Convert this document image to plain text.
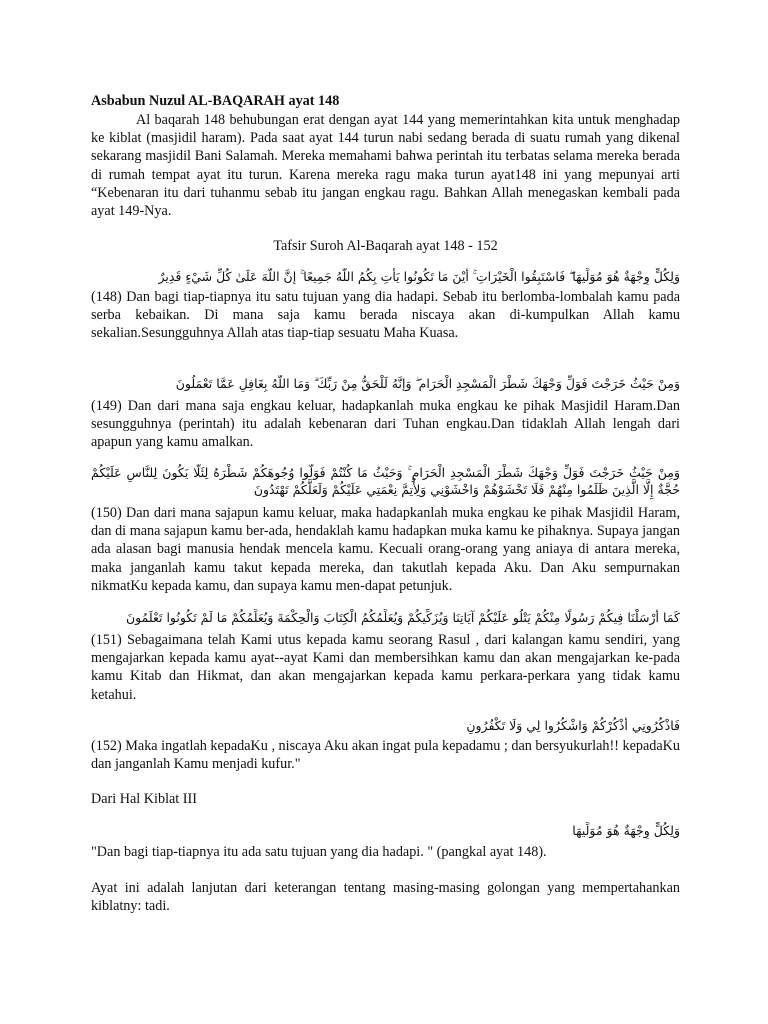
Asbabun Nuzul AL-BAQARAH ayat 148

Al baqarah 148 behubungan erat dengan ayat 144 yang memerintahkan kita untuk menghadap ke kiblat (masjidil haram). Pada saat ayat 144 turun nabi sedang berada di suatu rumah yang dikenal sekarang masjidil Bani Salamah. Mereka memahami bahwa perintah itu terbatas selama mereka berada di rumah tempat ayat itu turun. Karena mereka ragu maka turun ayat148 ini yang mepunyai arti “Kebenaran itu dari tuhanmu sebab itu jangan engkau ragu. Bahkan Allah menegaskan kembali pada ayat 149-Nya.

Tafsir Suroh Al-Baqarah ayat 148 - 152

وَلِكُلٍّ وِجْهَةٌ هُوَ مُوَلِّيهَا ۖ فَاسْتَبِقُوا الْخَيْرَاتِ ۚ أَيْنَ مَا تَكُونُوا يَأْتِ بِكُمُ اللَّهُ جَمِيعًا ۚ إِنَّ اللَّهَ عَلَىٰ كُلِّ شَيْءٍ قَدِيرٌ

(148) Dan bagi tiap-tiapnya itu satu tujuan yang dia hadapi. Sebab itu berlomba-lombalah kamu pada serba kebaikan. Di mana saja kamu berada niscaya akan di-kumpulkan Allah kamu sekalian.Sesungguhnya Allah atas tiap-tiap sesuatu Maha Kuasa.

وَمِنْ حَيْثُ خَرَجْتَ فَوَلِّ وَجْهَكَ شَطْرَ الْمَسْجِدِ الْحَرَامِ ۖ وَإِنَّهُ لَلْحَقُّ مِنْ رَبِّكَ ۗ وَمَا اللَّهُ بِغَافِلٍ عَمَّا تَعْمَلُونَ

(149) Dan dari mana saja engkau keluar, hadapkanlah muka engkau ke pihak Masjidil Haram.Dan sesungguhnya (perintah) itu adalah kebenaran dari Tuhan engkau.Dan tidaklah Allah lengah dari apapun yang kamu amalkan.

وَمِنْ حَيْثُ خَرَجْتَ فَوَلِّ وَجْهَكَ شَطْرَ الْمَسْجِدِ الْحَرَامِ ۚ وَحَيْثُ مَا كُنْتُمْ فَوَلُّوا وُجُوهَكُمْ شَطْرَهُ لِئَلَّا يَكُونَ لِلنَّاسِ عَلَيْكُمْ حُجَّةٌ إِلَّا الَّذِينَ ظَلَمُوا مِنْهُمْ فَلَا تَخْشَوْهُمْ وَاخْشَوْنِي وَلِأُتِمَّ نِعْمَتِي عَلَيْكُمْ وَلَعَلَّكُمْ تَهْتَدُونَ

(150) Dan dari mana sajapun kamu keluar, maka hadapkanlah muka engkau ke pihak Masjidil Haram, dan di mana sajapun kamu ber-ada, hendaklah kamu hadapkan muka kamu ke pihaknya. Supaya jangan ada alasan bagi manusia hendak mencela kamu. Kecuali orang-orang yang aniaya di antara mereka, maka janganlah kamu takut kepada mereka, dan takutlah kepada Aku. Dan Aku sempurnakan nikmatKu kepada kamu, dan supaya kamu men-dapat petunjuk.

كَمَا أَرْسَلْنَا فِيكُمْ رَسُولًا مِنْكُمْ يَتْلُو عَلَيْكُمْ آيَاتِنَا وَيُزَكِّيكُمْ وَيُعَلِّمُكُمُ الْكِتَابَ وَالْحِكْمَةَ وَيُعَلِّمُكُمْ مَا لَمْ تَكُونُوا تَعْلَمُونَ

(151) Sebagaimana telah Kami utus kepada kamu seorang Rasul , dari kalangan kamu sendiri, yang mengajarkan kepada kamu ayat--ayat Kami dan membersihkan kamu dan akan mengajarkan ke-pada kamu Kitab dan Hikmat, dan akan mengajarkan kepada kamu perkara-perkara yang tidak kamu ketahui.

فَاذْكُرُونِي أَذْكُرْكُمْ وَاشْكُرُوا لِي وَلَا تَكْفُرُونِ

(152) Maka ingatlah kepadaKu , niscaya Aku akan ingat pula kepadamu ; dan bersyukurlah!! kepadaKu dan janganlah Kamu menjadi kufur."

Dari Hal Kiblat III

وَلِكُلٍّ وِجْهَةٌ هُوَ مُوَلِّيهَا

"Dan bagi tiap-tiapnya itu ada satu tujuan yang dia hadapi. " (pangkal ayat 148).

Ayat ini adalah lanjutan dari keterangan tentang masing-masing golongan yang mempertahankan kiblatny: tadi.
